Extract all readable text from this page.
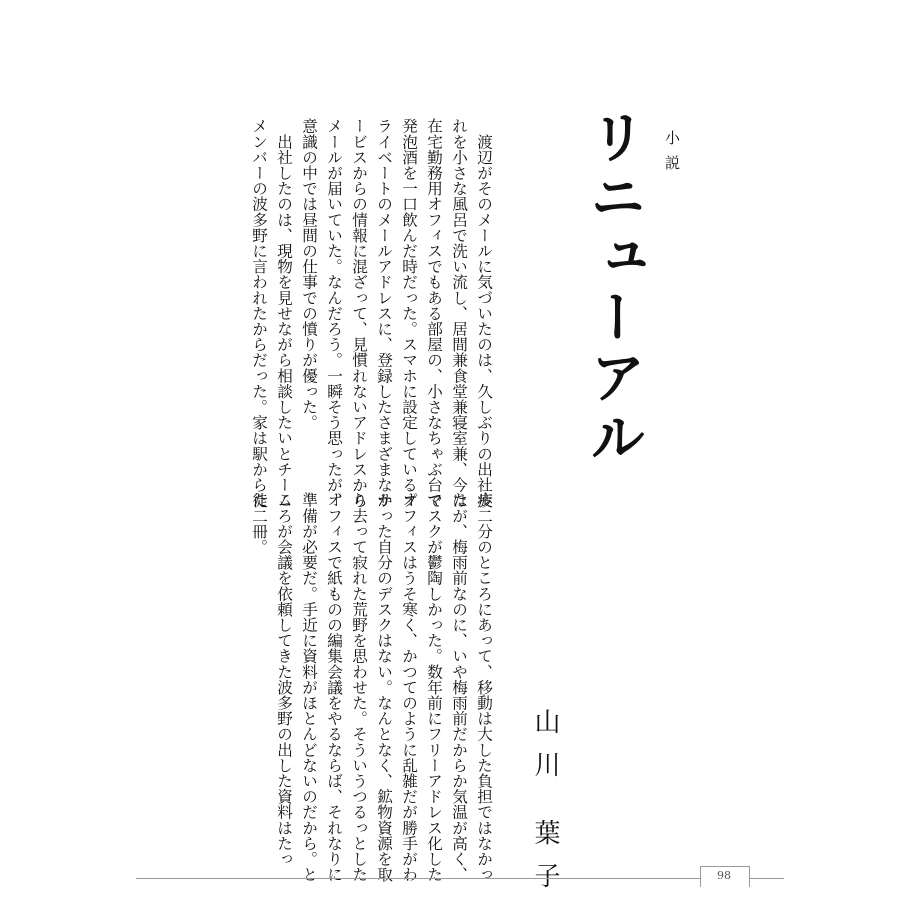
小説
リニューアル
山川 葉子
　渡辺がそのメールに気づいたのは、久しぶりの出社疲
れを小さな風呂で洗い流し、居間兼食堂兼寝室兼、今は
在宅勤務用オフィスでもある部屋の、小さなちゃぶ台で
発泡酒を一口飲んだ時だった。スマホに設定しているプ
ライベートのメールアドレスに、登録したさまざまなサ
ービスからの情報に混ざって、見慣れないアドレスから
メールが届いていた。なんだろう。一瞬そう思ったが、
意識の中では昼間の仕事での憤りが優った。
　出社したのは、現物を見せながら相談したいとチーム
メンバーの波多野に言われたからだった。家は駅から徒
歩二分のところにあって、移動は大した負担ではなかっ
たが、梅雨前なのに、いや梅雨前だからか気温が高く、
マスクが鬱陶しかった。数年前にフリーアドレス化した
オフィスはうそ寒く、かつてのように乱雑だが勝手がわ
かった自分のデスクはない。なんとなく、鉱物資源を取
り去って寂れた荒野を思わせた。そういうつるっとした
オフィスで紙ものの編集会議をやるならば、それなりに
準備が必要だ。手近に資料がほとんどないのだから。と
ころが会議を依頼してきた波多野の出した資料はたっ
た二冊。
98
